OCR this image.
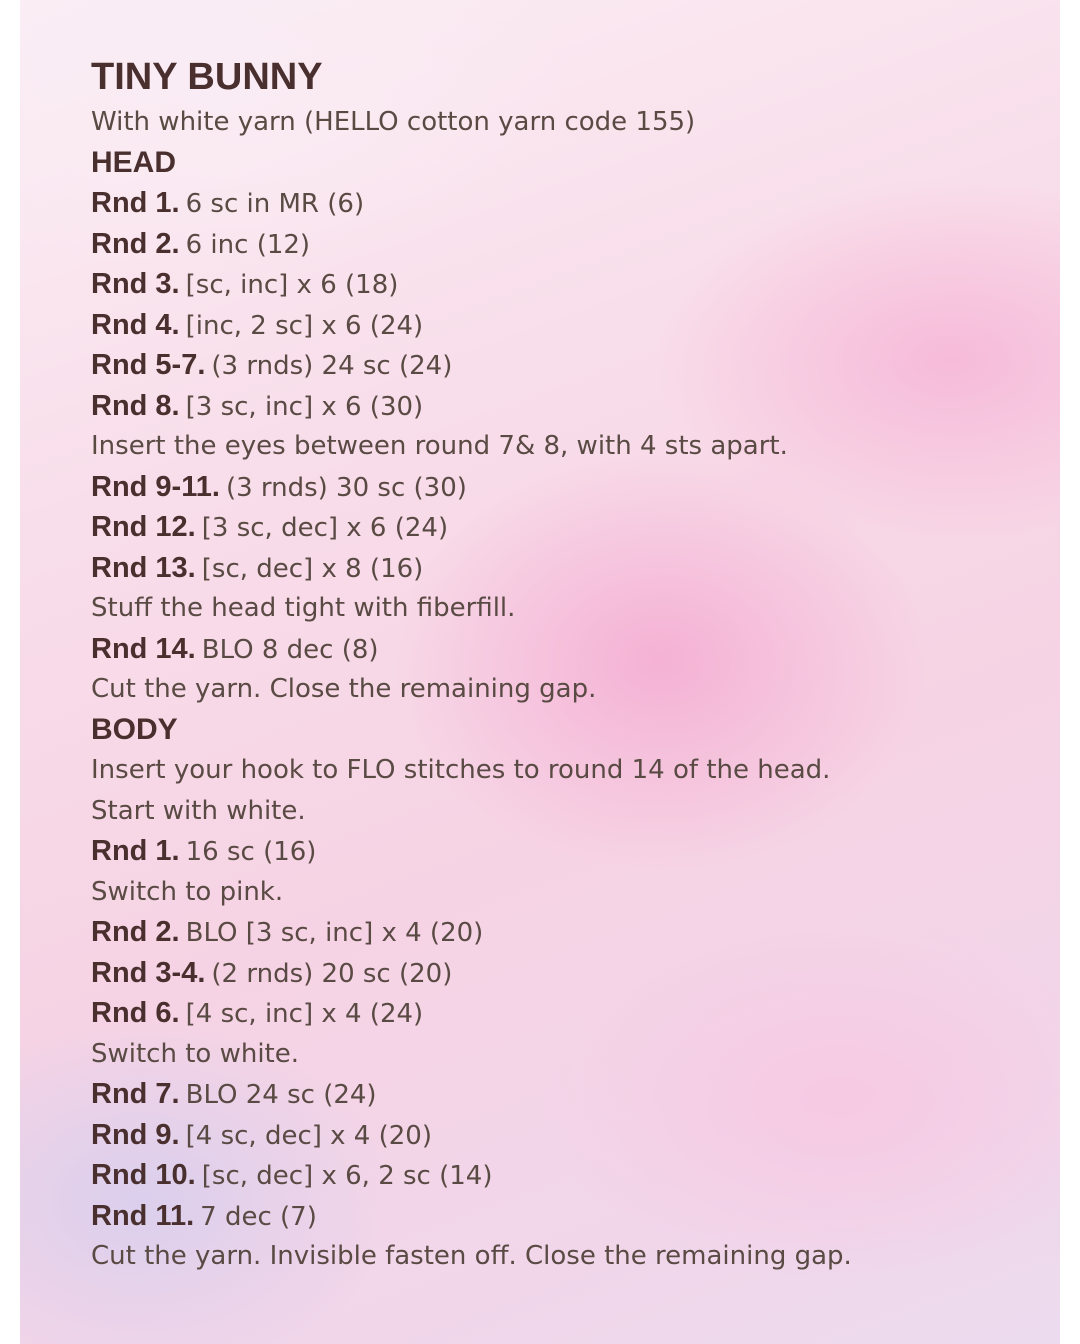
TINY BUNNY
With white yarn (HELLO cotton yarn code 155)
HEAD
Rnd 1. 6 sc in MR (6)
Rnd 2. 6 inc (12)
Rnd 3. [sc, inc] x 6 (18)
Rnd 4. [inc, 2 sc] x 6 (24)
Rnd 5-7. (3 rnds) 24 sc (24)
Rnd 8. [3 sc, inc] x 6 (30)
Insert the eyes between round 7& 8, with 4 sts apart.
Rnd 9-11. (3 rnds) 30 sc (30)
Rnd 12. [3 sc, dec] x 6 (24)
Rnd 13. [sc, dec] x 8 (16)
Stuff the head tight with fiberfill.
Rnd 14. BLO 8 dec (8)
Cut the yarn. Close the remaining gap.
BODY
Insert your hook to FLO stitches to round 14 of the head.
Start with white.
Rnd 1. 16 sc (16)
Switch to pink.
Rnd 2. BLO [3 sc, inc] x 4 (20)
Rnd 3-4. (2 rnds) 20 sc (20)
Rnd 6. [4 sc, inc] x 4 (24)
Switch to white.
Rnd 7. BLO 24 sc (24)
Rnd 9. [4 sc, dec] x 4 (20)
Rnd 10. [sc, dec] x 6, 2 sc (14)
Rnd 11. 7 dec (7)
Cut the yarn. Invisible fasten off. Close the remaining gap.
